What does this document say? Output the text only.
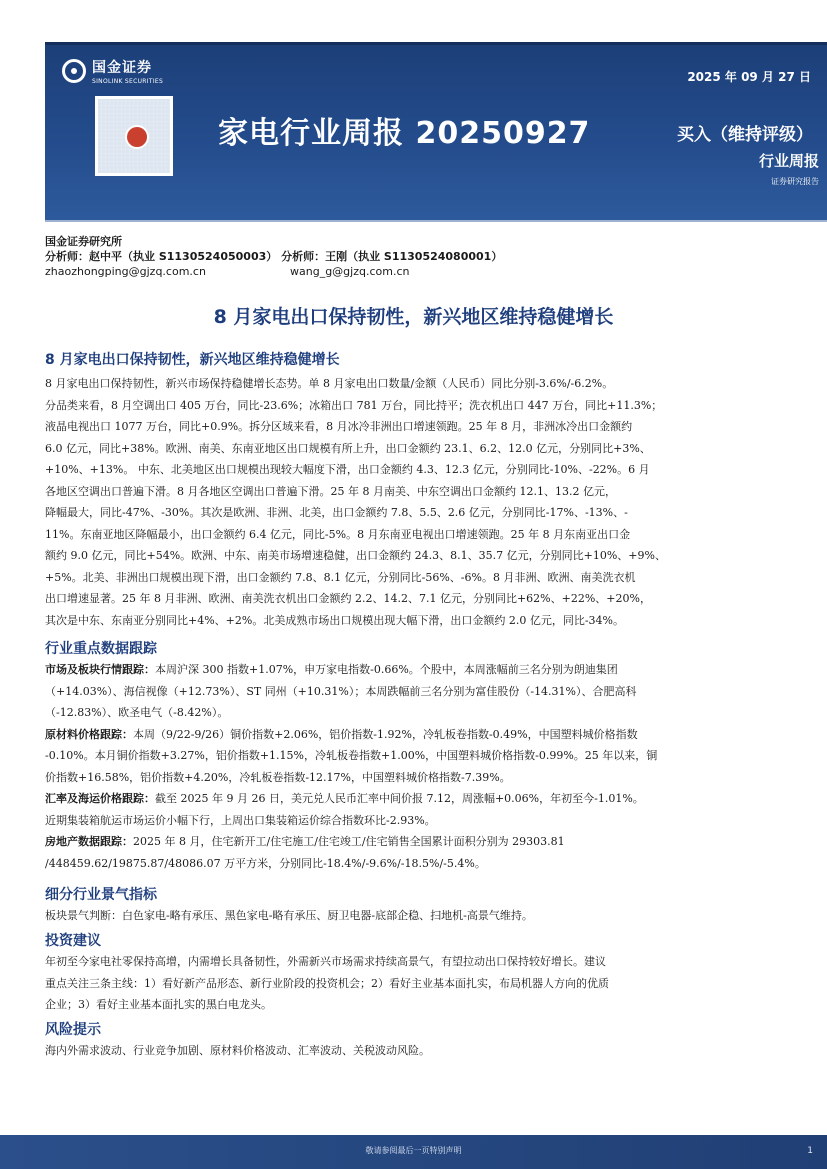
国金证券
SINOLINK SECURITIES	2025 年 09 月 27 日
家电行业周报 20250927	买入（维持评级）
行业周报
证券研究报告
国金证券研究所
分析师：赵中平（执业 S1130524050003） 分析师：王刚（执业 S1130524080001）
zhaozhongping@gjzq.com.cn	wang_g@gjzq.com.cn
8 月家电出口保持韧性，新兴地区维持稳健增长
8 月家电出口保持韧性，新兴地区维持稳健增长
8 月家电出口保持韧性，新兴市场保持稳健增长态势。单 8 月家电出口数量/金额（人民币）同比分别-3.6%/-6.2%。
分品类来看，8 月空调出口 405 万台，同比-23.6%；冰箱出口 781 万台，同比持平；洗衣机出口 447 万台，同比+11.3%；
液晶电视出口 1077 万台，同比+0.9%。拆分区域来看，8 月冰冷非洲出口增速领跑。25 年 8 月，非洲冰冷出口金额约
6.0 亿元，同比+38%。欧洲、南美、东南亚地区出口规模有所上升，出口金额约 23.1、6.2、12.0 亿元，分别同比+3%、
+10%、+13%。 中东、北美地区出口规模出现较大幅度下滑，出口金额约 4.3、12.3 亿元，分别同比-10%、-22%。6 月
各地区空调出口普遍下滑。8 月各地区空调出口普遍下滑。25 年 8 月南美、中东空调出口金额约 12.1、13.2 亿元，
降幅最大，同比-47%、-30%。其次是欧洲、非洲、北美，出口金额约 7.8、5.5、2.6 亿元，分别同比-17%、-13%、-
11%。东南亚地区降幅最小，出口金额约 6.4 亿元，同比-5%。8 月东南亚电视出口增速领跑。25 年 8 月东南亚出口金
额约 9.0 亿元，同比+54%。欧洲、中东、南美市场增速稳健，出口金额约 24.3、8.1、35.7 亿元，分别同比+10%、+9%、
+5%。北美、非洲出口规模出现下滑，出口金额约 7.8、8.1 亿元，分别同比-56%、-6%。8 月非洲、欧洲、南美洗衣机
出口增速显著。25 年 8 月非洲、欧洲、南美洗衣机出口金额约 2.2、14.2、7.1 亿元，分别同比+62%、+22%、+20%，
其次是中东、东南亚分别同比+4%、+2%。北美成熟市场出口规模出现大幅下滑，出口金额约 2.0 亿元，同比-34%。
行业重点数据跟踪
市场及板块行情跟踪：本周沪深 300 指数+1.07%，申万家电指数-0.66%。个股中，本周涨幅前三名分别为朗迪集团
（+14.03%）、海信视像（+12.73%）、ST 同州（+10.31%）；本周跌幅前三名分别为富佳股份（-14.31%）、合肥高科
（-12.83%）、欧圣电气（-8.42%）。
原材料价格跟踪：本周（9/22-9/26）铜价指数+2.06%，铝价指数-1.92%，冷轧板卷指数-0.49%，中国塑料城价格指数
-0.10%。本月铜价指数+3.27%，铝价指数+1.15%，冷轧板卷指数+1.00%，中国塑料城价格指数-0.99%。25 年以来，铜
价指数+16.58%，铝价指数+4.20%，冷轧板卷指数-12.17%，中国塑料城价格指数-7.39%。
汇率及海运价格跟踪：截至 2025 年 9 月 26 日，美元兑人民币汇率中间价报 7.12，周涨幅+0.06%，年初至今-1.01%。
近期集装箱航运市场运价小幅下行，上周出口集装箱运价综合指数环比-2.93%。
房地产数据跟踪：2025 年 8 月，住宅新开工/住宅施工/住宅竣工/住宅销售全国累计面积分别为 29303.81
/448459.62/19875.87/48086.07 万平方米，分别同比-18.4%/-9.6%/-18.5%/-5.4%。
细分行业景气指标
板块景气判断：白色家电-略有承压、黑色家电-略有承压、厨卫电器-底部企稳、扫地机-高景气维持。
投资建议
年初至今家电社零保持高增，内需增长具备韧性，外需新兴市场需求持续高景气，有望拉动出口保持较好增长。建议
重点关注三条主线：1）看好新产品形态、新行业阶段的投资机会；2）看好主业基本面扎实，布局机器人方向的优质
企业；3）看好主业基本面扎实的黑白电龙头。
风险提示
海内外需求波动、行业竞争加剧、原材料价格波动、汇率波动、关税波动风险。
敬请参阅最后一页特别声明	1
